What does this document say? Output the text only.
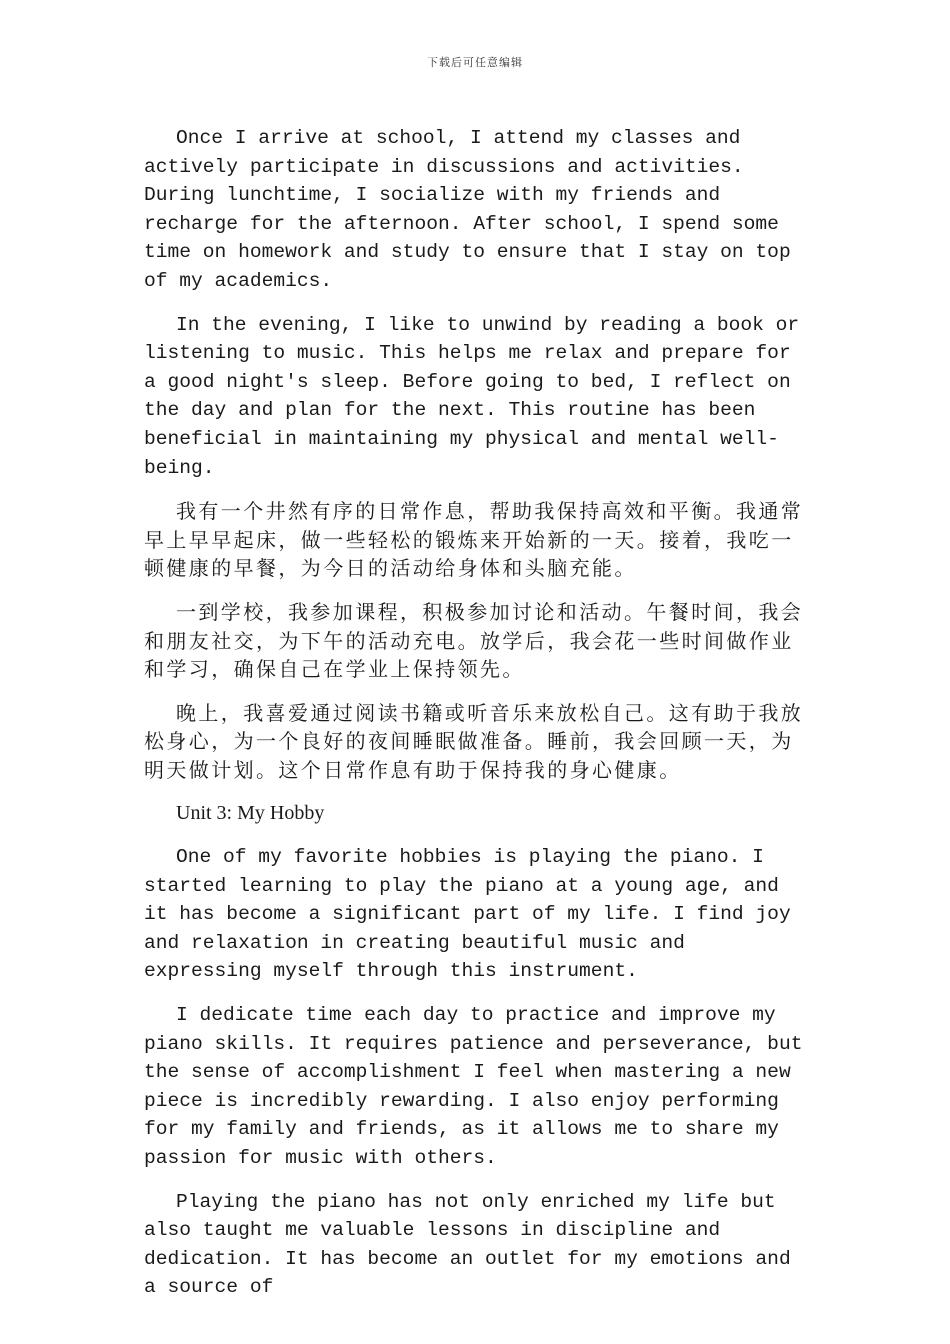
下载后可任意编辑

Once I arrive at school, I attend my classes and actively participate in discussions and activities. During lunchtime, I socialize with my friends and recharge for the afternoon. After school, I spend some time on homework and study to ensure that I stay on top of my academics.

In the evening, I like to unwind by reading a book or listening to music. This helps me relax and prepare for a good night's sleep. Before going to bed, I reflect on the day and plan for the next. This routine has been beneficial in maintaining my physical and mental well-being.

我有一个井然有序的日常作息，帮助我保持高效和平衡。我通常早上早早起床，做一些轻松的锻炼来开始新的一天。接着，我吃一顿健康的早餐，为今日的活动给身体和头脑充能。

一到学校，我参加课程，积极参加讨论和活动。午餐时间，我会和朋友社交，为下午的活动充电。放学后，我会花一些时间做作业和学习，确保自己在学业上保持领先。

晚上，我喜爱通过阅读书籍或听音乐来放松自己。这有助于我放松身心，为一个良好的夜间睡眠做准备。睡前，我会回顾一天，为明天做计划。这个日常作息有助于保持我的身心健康。

Unit 3: My Hobby

One of my favorite hobbies is playing the piano. I started learning to play the piano at a young age, and it has become a significant part of my life. I find joy and relaxation in creating beautiful music and expressing myself through this instrument.

I dedicate time each day to practice and improve my piano skills. It requires patience and perseverance, but the sense of accomplishment I feel when mastering a new piece is incredibly rewarding. I also enjoy performing for my family and friends, as it allows me to share my passion for music with others.

Playing the piano has not only enriched my life but also taught me valuable lessons in discipline and dedication. It has become an outlet for my emotions and a source of
